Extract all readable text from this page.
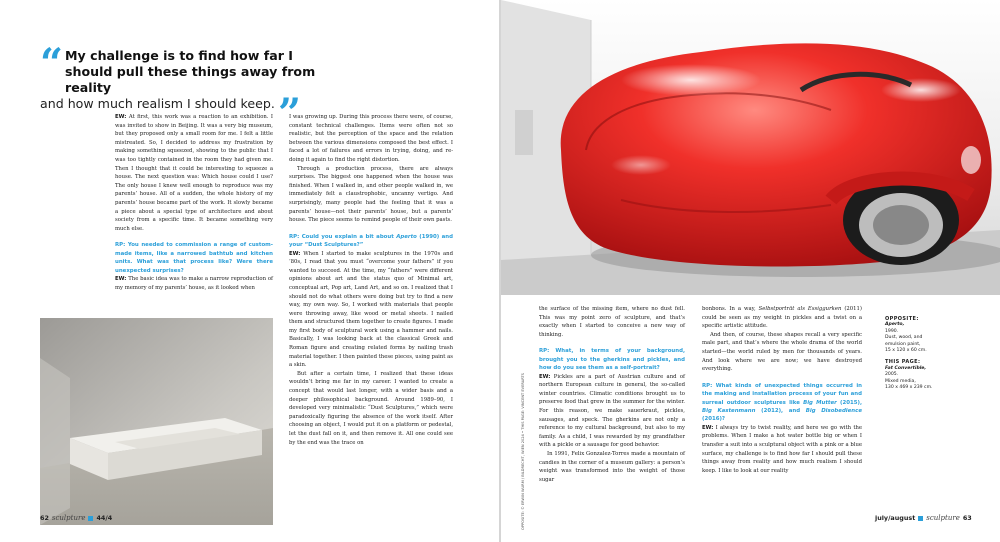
“ My challenge is to find how far I should pull these things away from reality
and how much realism I should keep. ”

EW: At first, this work was a reaction to an exhibition. I was invited to show in Beijing. It was a very big museum, but they proposed only a small room for me. I felt a little mistreated. So, I decided to address my frustration by making something squeezed, showing to the public that I was too tightly contained in the room they had given me. Then I thought that it could be interesting to squeeze a house. The next question was: Which house could I use? The only house I knew well enough to reproduce was my parents’ house. All of a sudden, the whole history of my parents’ house became part of the work. It slowly became a piece about a special type of architecture and about society from a specific time. It became something very much else.

RP: You needed to commission a range of custom-made items, like a narrowed bathtub and kitchen units. What was that process like? Were there unexpected surprises?

EW: The basic idea was to make a narrow reproduction of my memory of my parents’ house, as it looked when

I was growing up. During this process there were, of course, constant technical challenges. Items were often not so realistic, but the perception of the space and the relation between the various dimensions composed the best effect. I faced a lot of failures and errors in trying, doing, and re-doing it again to find the right distortion.

Through a production process, there are always surprises. The biggest one happened when the house was finished. When I walked in, and other people walked in, we immediately felt a claustrophobic, uncanny vertigo. And surprisingly, many people had the feeling that it was a parents’ house—not their parents’ house, but a parents’ house. The piece seems to remind people of their own pasts.

RP: Could you explain a bit about Aperto (1990) and your “Dust Sculptures?”

EW: When I started to make sculptures in the 1970s and ’80s, I read that you must “overcome your fathers” if you wanted to succeed. At the time, my “fathers” were different opinions about art and the status quo of Minimal art, conceptual art, Pop art, Land Art, and so on. I realized that I should not do what others were doing but try to find a new way, my own way. So, I worked with materials that people were throwing away, like wood or metal sheets. I nailed them and structured them together to create figures. I made my first body of sculptural work using a hammer and nails. Basically, I was looking back at the classical Greek and Roman figure and creating related forms by nailing trash material together. I then painted these pieces, using paint as a skin.

But after a certain time, I realized that these ideas wouldn’t bring me far in my career. I wanted to create a concept that would last longer, with a wider basis and a deeper philosophical background. Around 1989–90, I developed very minimalistic “Dust Sculptures,” which were paradoxically figuring the absence of the work itself. After choosing an object, I would put it on a platform or pedestal, let the dust fall on it, and then remove it. All one could see by the end was the trace on

the surface of the missing item, where no dust fell. This was my point zero of sculpture, and that’s exactly when I started to conceive a new way of thinking.

RP: What, in terms of your background, brought you to the gherkins and pickles, and how do you see them as a self-portrait?

EW: Pickles are a part of Austrian culture and of northern European culture in general, the so-called winter countries. Climatic conditions brought us to preserve food that grew in the summer for the winter. For this reason, we make sauerkraut, pickles, sausages, and speck. The gherkins are not only a reference to my cultural background, but also to my family. As a child, I was rewarded by my grandfather with a pickle or a sausage for good behavior.

In 1991, Felix Gonzalez-Torres made a mountain of candies in the corner of a museum gallery: a person’s weight was transformed into the weight of those sugar

bonbons. In a way, Selbstporträt als Essiggurken (2011) could be seen as my weight in pickles and a twist on a specific artistic attitude.

And then, of course, these shapes recall a very specific male part, and that’s where the whole drama of the world started—the world ruled by men for thousands of years. And look where we are now; we have destroyed everything.

RP: What kinds of unexpected things occurred in the making and installation process of your fun and surreal outdoor sculptures like Big Mutter (2015), Big Kastenmann (2012), and Big Disobedience (2016)?

EW: I always try to twist reality, and here we go with the problems. When I make a hot water bottle big or when I transfer a suit into a sculptural object with a pink or a blue surface, my challenge is to find how far I should pull these things away from reality and how much realism I should keep. I like to look at our reality

OPPOSITE:
Aperto,
1990.
Dust, wood, and
emulsion paint,
15 x 120 x 60 cm.
THIS PAGE:
Fat Convertible,
2005.
Mixed media,
130 x 469 x 239 cm.
OPPOSITE: © ERWIN WURM / BILDRECHT, WIEN 2024 • THIS PAGE: VINCENT EVERARTS
62 sculpture 44/4	july/august sculpture 63
